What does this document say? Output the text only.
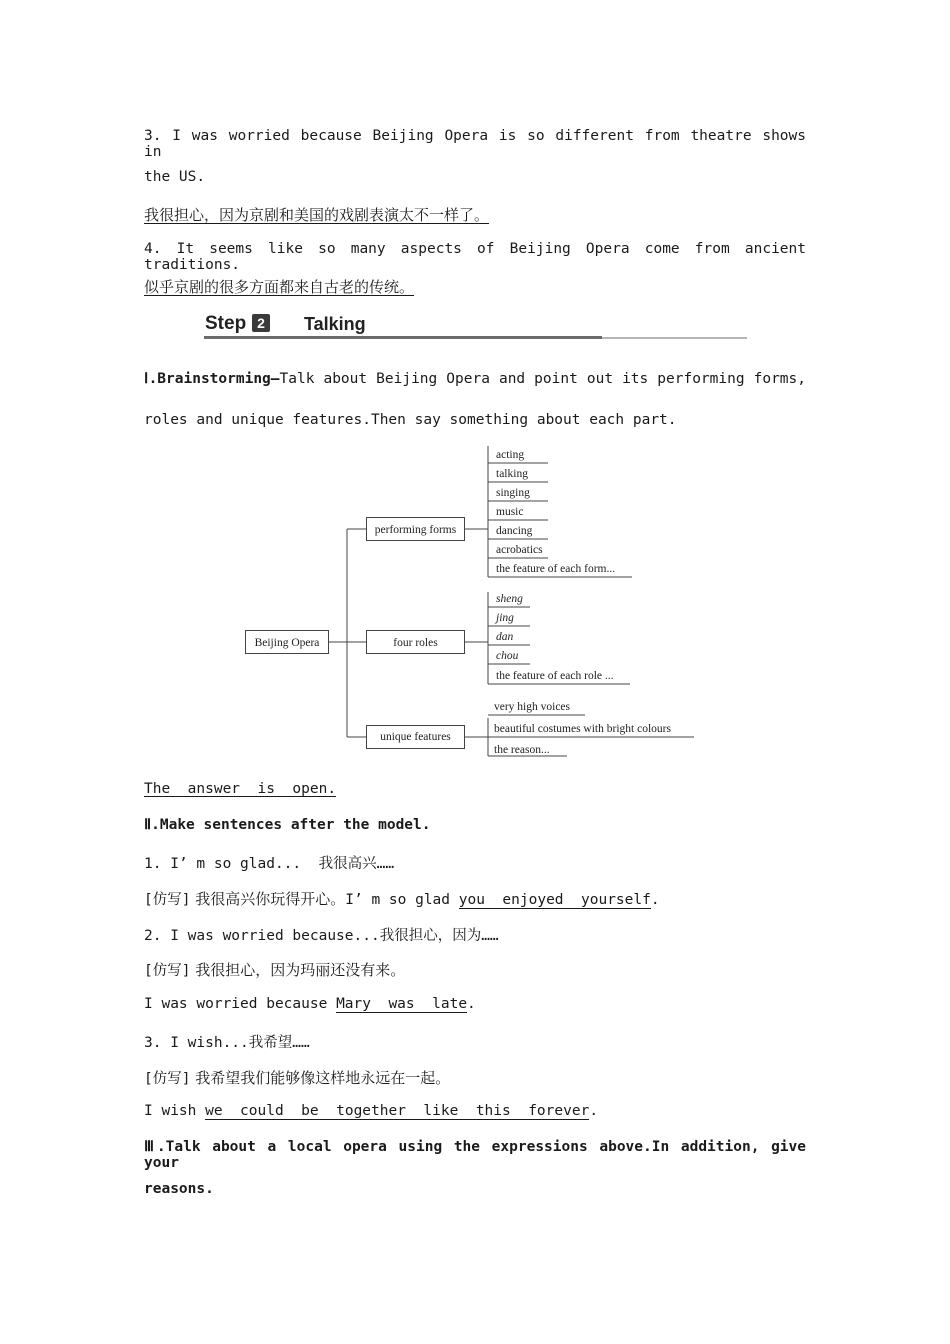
3. I was worried because Beijing Opera is so different from theatre shows in
the US.
我很担心，因为京剧和美国的戏剧表演太不一样了。
4. It seems like so many aspects of Beijing Opera come from ancient traditions.
似乎京剧的很多方面都来自古老的传统。
Step 2 Talking
Ⅰ.Brainstorming—Talk about Beijing Opera and point out its performing forms,
roles and unique features.Then say something about each part.
Beijing Opera
performing forms
four roles
unique features
acting
talking
singing
music
dancing
acrobatics
the feature of each form...
sheng
jing
dan
chou
the feature of each role ...
very high voices
beautiful costumes with bright colours
the reason...
The  answer  is  open.
Ⅱ.Make sentences after the model.
1. I’ m so glad...  我很高兴……
[仿写] 我很高兴你玩得开心。I’ m so glad you enjoyed yourself.
2. I was worried because...我很担心，因为……
[仿写] 我很担心，因为玛丽还没有来。
I was worried because Mary was late.
3. I wish...我希望……
[仿写] 我希望我们能够像这样地永远在一起。
I wish we could be together like this forever.
Ⅲ.Talk about a local opera using the expressions above.In addition, give your
reasons.
